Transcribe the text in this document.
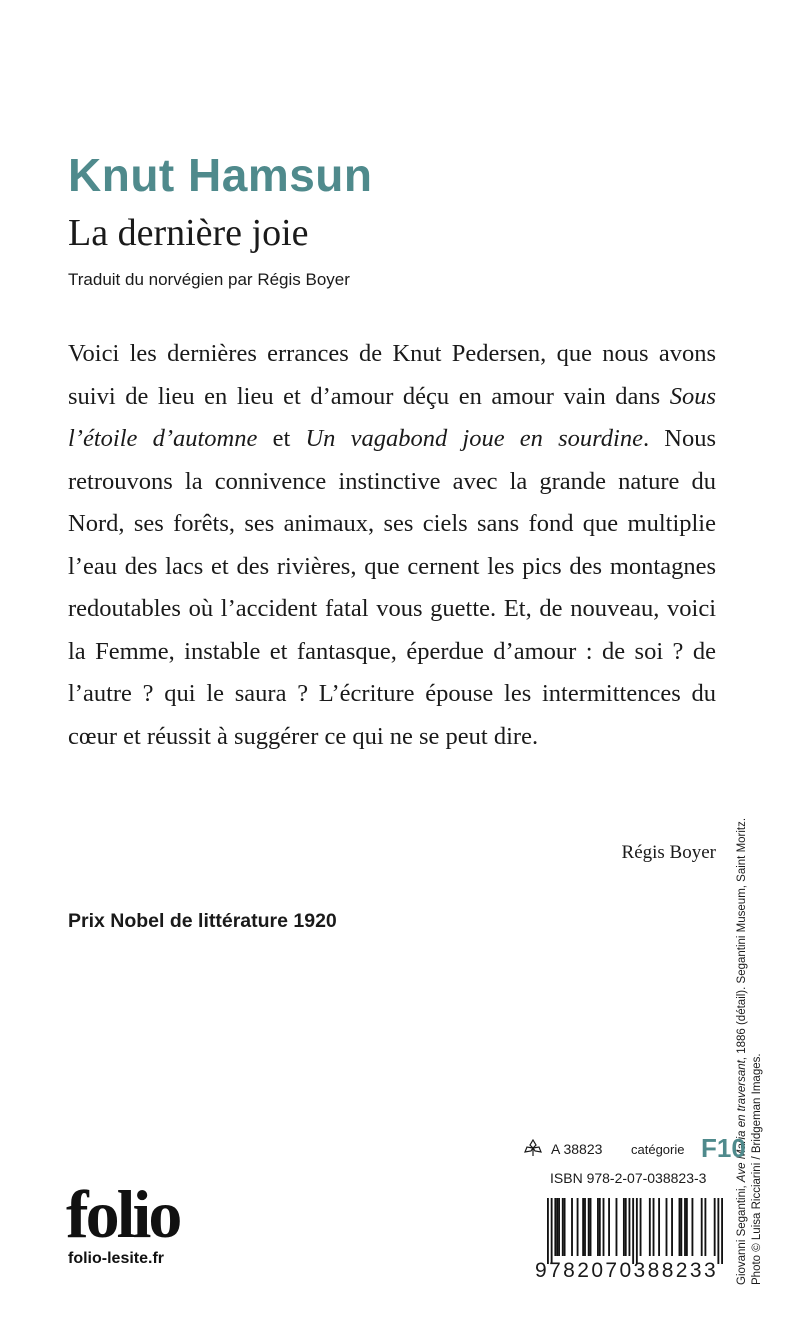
Knut Hamsun
La dernière joie
Traduit du norvégien par Régis Boyer

Voici les dernières errances de Knut Pedersen, que nous avons suivi de lieu en lieu et d’amour déçu en amour vain dans Sous l’étoile d’automne et Un vagabond joue en sourdine. Nous retrouvons la connivence instinctive avec la grande nature du Nord, ses forêts, ses animaux, ses ciels sans fond que multiplie l’eau des lacs et des rivières, que cernent les pics des montagnes redoutables où l’accident fatal vous guette. Et, de nouveau, voici la Femme, instable et fantasque, éperdue d’amour : de soi ? de l’autre ? qui le saura ? L’écriture épouse les intermittences du cœur et réussit à suggérer ce qui ne se peut dire.

Régis Boyer
Prix Nobel de littérature 1920
Giovanni Segantini, Ave Maria en traversant, 1886 (détail). Segantini Museum, Saint Moritz.
Photo © Luisa Ricciarini / Bridgeman Images.
A 38823 catégorie F10
ISBN 978-2-07-038823-3
9782070388233
folio
folio-lesite.fr
